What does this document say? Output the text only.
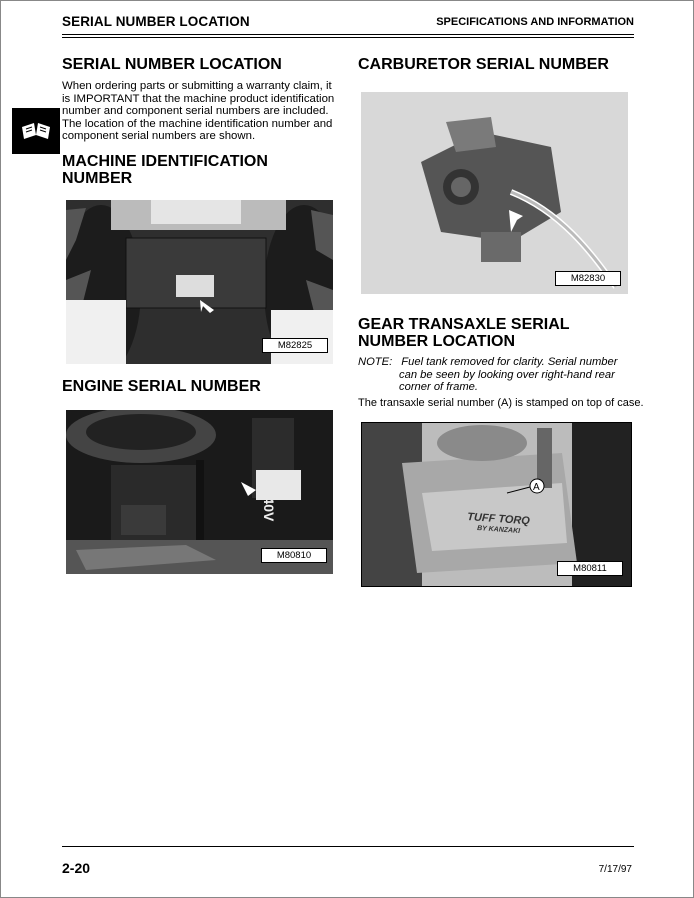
SERIAL NUMBER LOCATION	SPECIFICATIONS AND INFORMATION
SERIAL NUMBER LOCATION
When ordering parts or submitting a warranty claim, it
is IMPORTANT that the machine product identification
number and component serial numbers are included.
The location of the machine identification number and
component serial numbers are shown.
MACHINE IDENTIFICATION
NUMBER
M82825
ENGINE SERIAL NUMBER
M80810
CARBURETOR SERIAL NUMBER
M82830
GEAR TRANSAXLE SERIAL
NUMBER LOCATION
NOTE: Fuel tank removed for clarity. Serial number
can be seen by looking over right-hand rear
corner of frame.
The transaxle serial number (A) is stamped on top of case.
TUFF TORQ
BY KANZAKI
A
M80811
2-20	7/17/97
